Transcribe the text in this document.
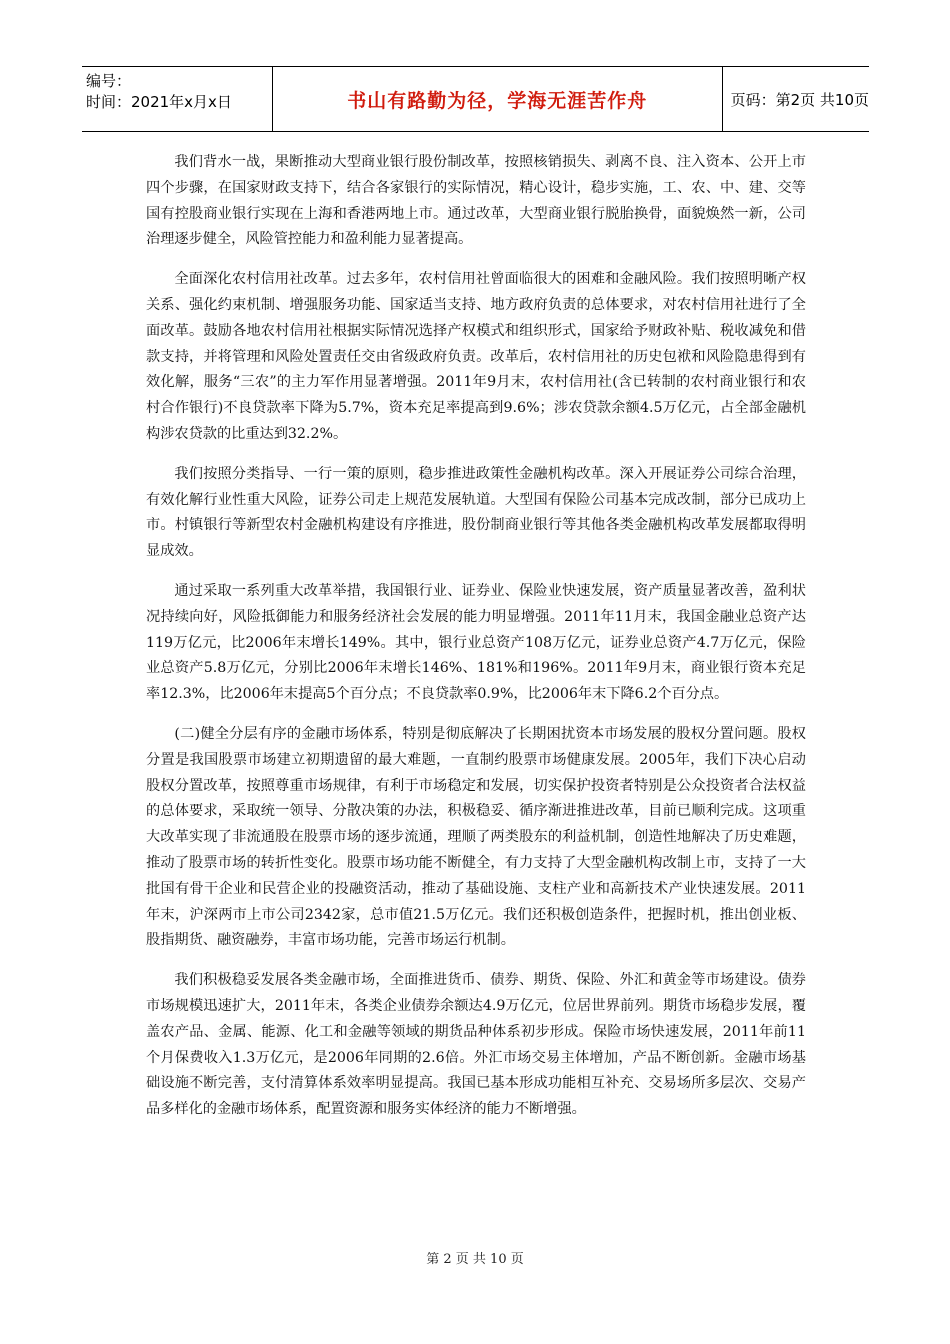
编号：
时间：2021年x月x日	书山有路勤为径，学海无涯苦作舟	页码：第2页 共10页

我们背水一战，果断推动大型商业银行股份制改革，按照核销损失、剥离不良、注入资本、公开上市四个步骤，在国家财政支持下，结合各家银行的实际情况，精心设计，稳步实施，工、农、中、建、交等国有控股商业银行实现在上海和香港两地上市。通过改革，大型商业银行脱胎换骨，面貌焕然一新，公司治理逐步健全，风险管控能力和盈利能力显著提高。

全面深化农村信用社改革。过去多年，农村信用社曾面临很大的困难和金融风险。我们按照明晰产权关系、强化约束机制、增强服务功能、国家适当支持、地方政府负责的总体要求，对农村信用社进行了全面改革。鼓励各地农村信用社根据实际情况选择产权模式和组织形式，国家给予财政补贴、税收减免和借款支持，并将管理和风险处置责任交由省级政府负责。改革后，农村信用社的历史包袱和风险隐患得到有效化解，服务“三农”的主力军作用显著增强。2011年9月末，农村信用社(含已转制的农村商业银行和农村合作银行)不良贷款率下降为5.7%，资本充足率提高到9.6%；涉农贷款余额4.5万亿元，占全部金融机构涉农贷款的比重达到32.2%。

我们按照分类指导、一行一策的原则，稳步推进政策性金融机构改革。深入开展证券公司综合治理，有效化解行业性重大风险，证券公司走上规范发展轨道。大型国有保险公司基本完成改制，部分已成功上市。村镇银行等新型农村金融机构建设有序推进，股份制商业银行等其他各类金融机构改革发展都取得明显成效。

通过采取一系列重大改革举措，我国银行业、证券业、保险业快速发展，资产质量显著改善，盈利状况持续向好，风险抵御能力和服务经济社会发展的能力明显增强。2011年11月末，我国金融业总资产达119万亿元，比2006年末增长149%。其中，银行业总资产108万亿元，证券业总资产4.7万亿元，保险业总资产5.8万亿元，分别比2006年末增长146%、181%和196%。2011年9月末，商业银行资本充足率12.3%，比2006年末提高5个百分点；不良贷款率0.9%，比2006年末下降6.2个百分点。

(二)健全分层有序的金融市场体系，特别是彻底解决了长期困扰资本市场发展的股权分置问题。股权分置是我国股票市场建立初期遗留的最大难题，一直制约股票市场健康发展。2005年，我们下决心启动股权分置改革，按照尊重市场规律，有利于市场稳定和发展，切实保护投资者特别是公众投资者合法权益的总体要求，采取统一领导、分散决策的办法，积极稳妥、循序渐进推进改革，目前已顺利完成。这项重大改革实现了非流通股在股票市场的逐步流通，理顺了两类股东的利益机制，创造性地解决了历史难题，推动了股票市场的转折性变化。股票市场功能不断健全，有力支持了大型金融机构改制上市，支持了一大批国有骨干企业和民营企业的投融资活动，推动了基础设施、支柱产业和高新技术产业快速发展。2011年末，沪深两市上市公司2342家，总市值21.5万亿元。我们还积极创造条件，把握时机，推出创业板、股指期货、融资融券，丰富市场功能，完善市场运行机制。

我们积极稳妥发展各类金融市场，全面推进货币、债券、期货、保险、外汇和黄金等市场建设。债券市场规模迅速扩大，2011年末，各类企业债券余额达4.9万亿元，位居世界前列。期货市场稳步发展，覆盖农产品、金属、能源、化工和金融等领域的期货品种体系初步形成。保险市场快速发展，2011年前11个月保费收入1.3万亿元，是2006年同期的2.6倍。外汇市场交易主体增加，产品不断创新。金融市场基础设施不断完善，支付清算体系效率明显提高。我国已基本形成功能相互补充、交易场所多层次、交易产品多样化的金融市场体系，配置资源和服务实体经济的能力不断增强。

第 2 页 共 10 页
